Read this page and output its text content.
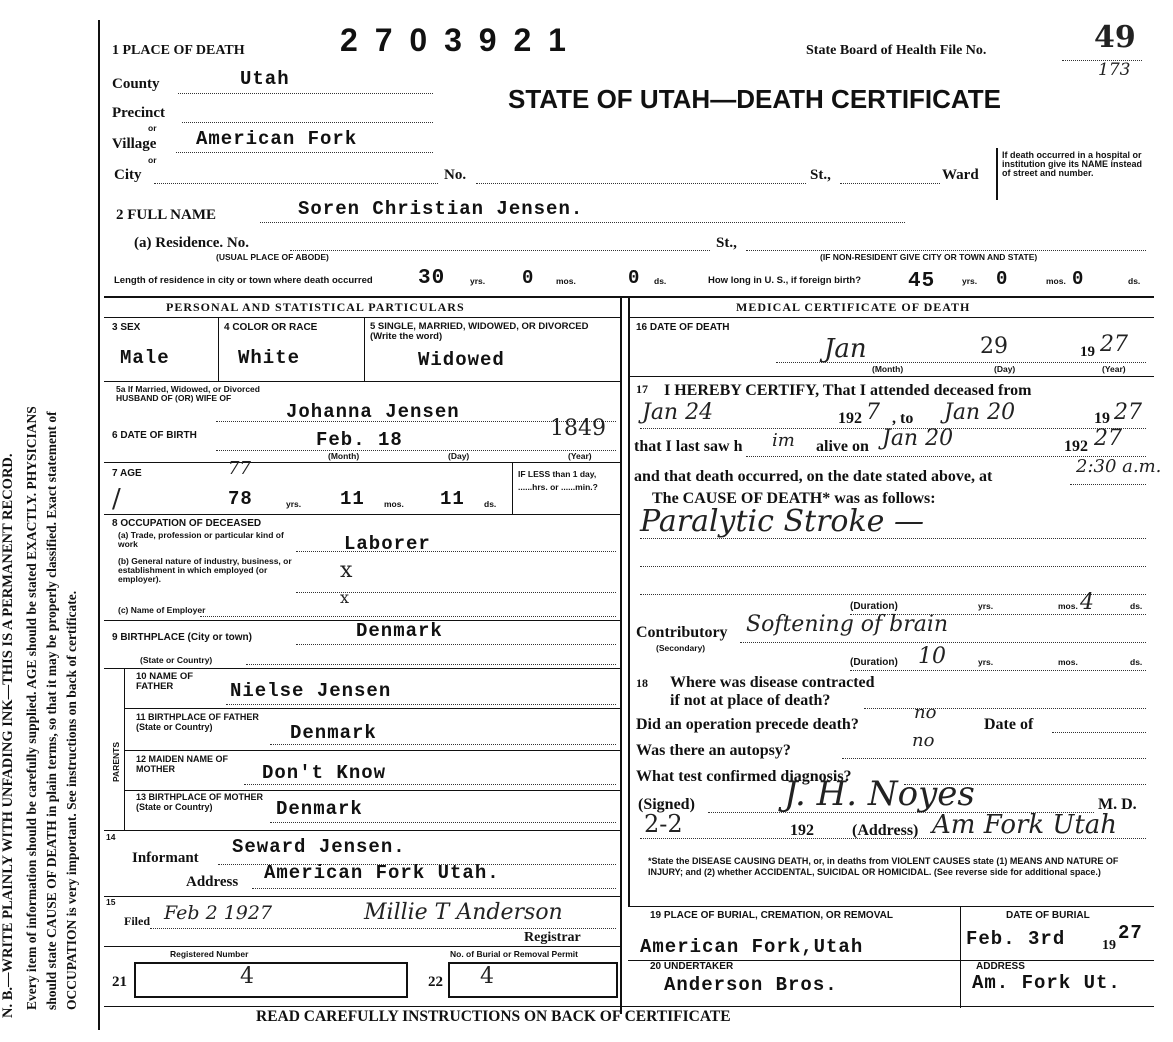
N. B.—WRITE PLAINLY WITH UNFADING INK—THIS IS A PERMANENT RECORD. Every item of information should be carefully supplied. AGE should be stated EXACTLY. PHYSICIANS should state CAUSE OF DEATH in plain terms, so that it may be properly classified. Exact statement of OCCUPATION is very important. See instructions on back of certificate.
1 PLACE OF DEATH	2 7 0 3 9 2 1	State Board of Health File No.	49
173
STATE OF UTAH—DEATH CERTIFICATE
County	Utah
Precinct
or
Village American Fork
or
City	No.	St.,	Ward
If death occurred in a hospital or institution give its NAME instead of street and number.
2 FULL NAME	Soren Christian Jensen.
(a) Residence. No.
(USUAL PLACE OF ABODE)
St.,
(IF NON-RESIDENT GIVE CITY OR TOWN AND STATE)
Length of residence in city or town where death occurred 30	yrs. 0	mos.	0 ds.	How long in U. S., if foreign birth? 45	yrs. 0	mos. 0	ds.
PERSONAL AND STATISTICAL PARTICULARS
3 SEX
Male
4 COLOR OR RACE
White
5 SINGLE, MARRIED, WIDOWED, OR DIVORCED (Write the word)
Widowed
5a If Married, Widowed, or Divorced HUSBAND OF (OR) WIFE OF
Johanna Jensen
6 DATE OF BIRTH	Feb. 18	1849
(Month)	(Day)	(Year)
7 AGE	77
/	78	yrs. 11 mos. 11 ds.
IF LESS than 1 day, ......hrs. or ......min.?
8 OCCUPATION OF DECEASED
(a) Trade, profession or particular kind of work	Laborer
(b) General nature of industry, business, or establishment in which employed (or employer).	x
(c) Name of Employer
x
9 BIRTHPLACE (City or town)	Denmark
(State or Country)
PARENTS
10 NAME OF FATHER	Nielse Jensen
11 BIRTHPLACE OF FATHER (State or Country)	Denmark
12 MAIDEN NAME OF MOTHER	Don't Know
13 BIRTHPLACE OF MOTHER (State or Country)	Denmark
14
Informant Seward Jensen.
Address American Fork Utah.
15
Filed Feb 2 1927	Millie T Anderson
Registrar
Registered Number
21	4
No. of Burial or Removal Permit
22 4
MEDICAL CERTIFICATE OF DEATH
16 DATE OF DEATH
Jan	29	19 27
(Month)	(Day)	(Year)
17 I HEREBY CERTIFY, That I attended deceased from
Jan 24	192 7 , to Jan 20	19 27
that I last saw h im alive on Jan 20	192 27
and that death occurred, on the date stated above, at	2:30 a.m.
The CAUSE OF DEATH* was as follows:
Paralytic Stroke —
(Duration)	yrs.	mos. 4	ds.
Contributory
(Secondary)
Softening of brain
(Duration) 10	yrs.	mos.	ds.
18 Where was disease contracted
if not at place of death?
Did an operation precede death?
no
Date of
Was there an autopsy?	no
What test confirmed diagnosis?
(Signed)	J. H. Noyes	M. D.
2-2	192 (Address) Am Fork Utah
*State the DISEASE CAUSING DEATH, or, in deaths from VIOLENT CAUSES state (1) MEANS AND NATURE OF INJURY; and (2) whether ACCIDENTAL, SUICIDAL OR HOMICIDAL. (See reverse side for additional space.)
19 PLACE OF BURIAL, CREMATION, OR REMOVAL
American Fork,Utah
DATE OF BURIAL
Feb. 3rd	19
27
20 UNDERTAKER
Anderson Bros.
ADDRESS
Am. Fork Ut.
READ CAREFULLY INSTRUCTIONS ON BACK OF CERTIFICATE
